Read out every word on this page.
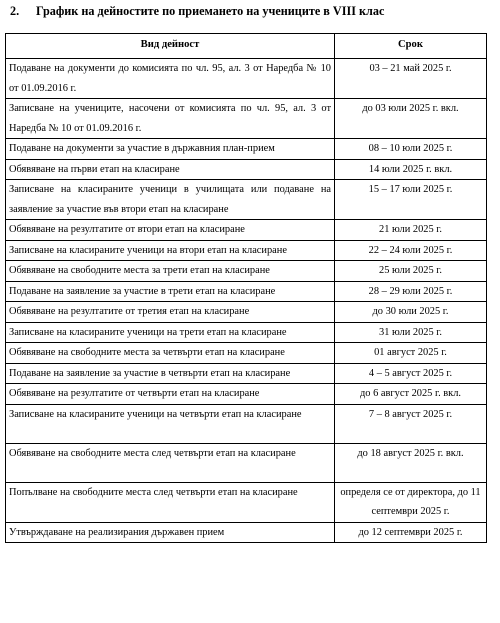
2. График на дейностите по приемането на учениците в VIII клас
Вид дейност	Срок
Подаване на документи до комисията по чл. 95, ал. 3 от Наредба № 10 от 01.09.2016 г.	03 – 21 май 2025 г.
Записване на учениците, насочени от комисията по чл. 95, ал. 3 от Наредба № 10 от 01.09.2016 г.	до 03 юли 2025 г. вкл.
Подаване на документи за участие в държавния план-прием	08 – 10 юли 2025 г.
Обявяване на първи етап на класиране	14 юли 2025 г. вкл.
Записване на класираните ученици в училищата или подаване на заявление за участие във втори етап на класиране	15 – 17 юли 2025 г.
Обявяване на резултатите от втори етап на класиране	21 юли 2025 г.
Записване на класираните ученици на втори етап на класиране	22 – 24 юли 2025 г.
Обявяване на свободните места за трети етап на класиране	25 юли 2025 г.
Подаване на заявление за участие в трети етап на класиране	28 – 29 юли 2025 г.
Обявяване на резултатите от третия етап на класиране	до 30 юли 2025 г.
Записване на класираните ученици на трети етап на класиране	31 юли 2025 г.
Обявяване на свободните места за четвърти етап на класиране	01 август 2025 г.
Подаване на заявление за участие в четвърти етап на класиране	4 – 5 август 2025 г.
Обявяване на резултатите от четвърти етап на класиране	до 6 август 2025 г. вкл.
Записване на класираните ученици на четвърти етап на класиране	7 – 8 август 2025 г.
Обявяване на свободните места след четвърти етап на класиране	до 18 август 2025 г. вкл.
Попълване на свободните места след четвърти етап на класиране	определя се от директора, до 11 септември 2025 г.
Утвърждаване на реализирания държавен прием	до 12 септември 2025 г.
